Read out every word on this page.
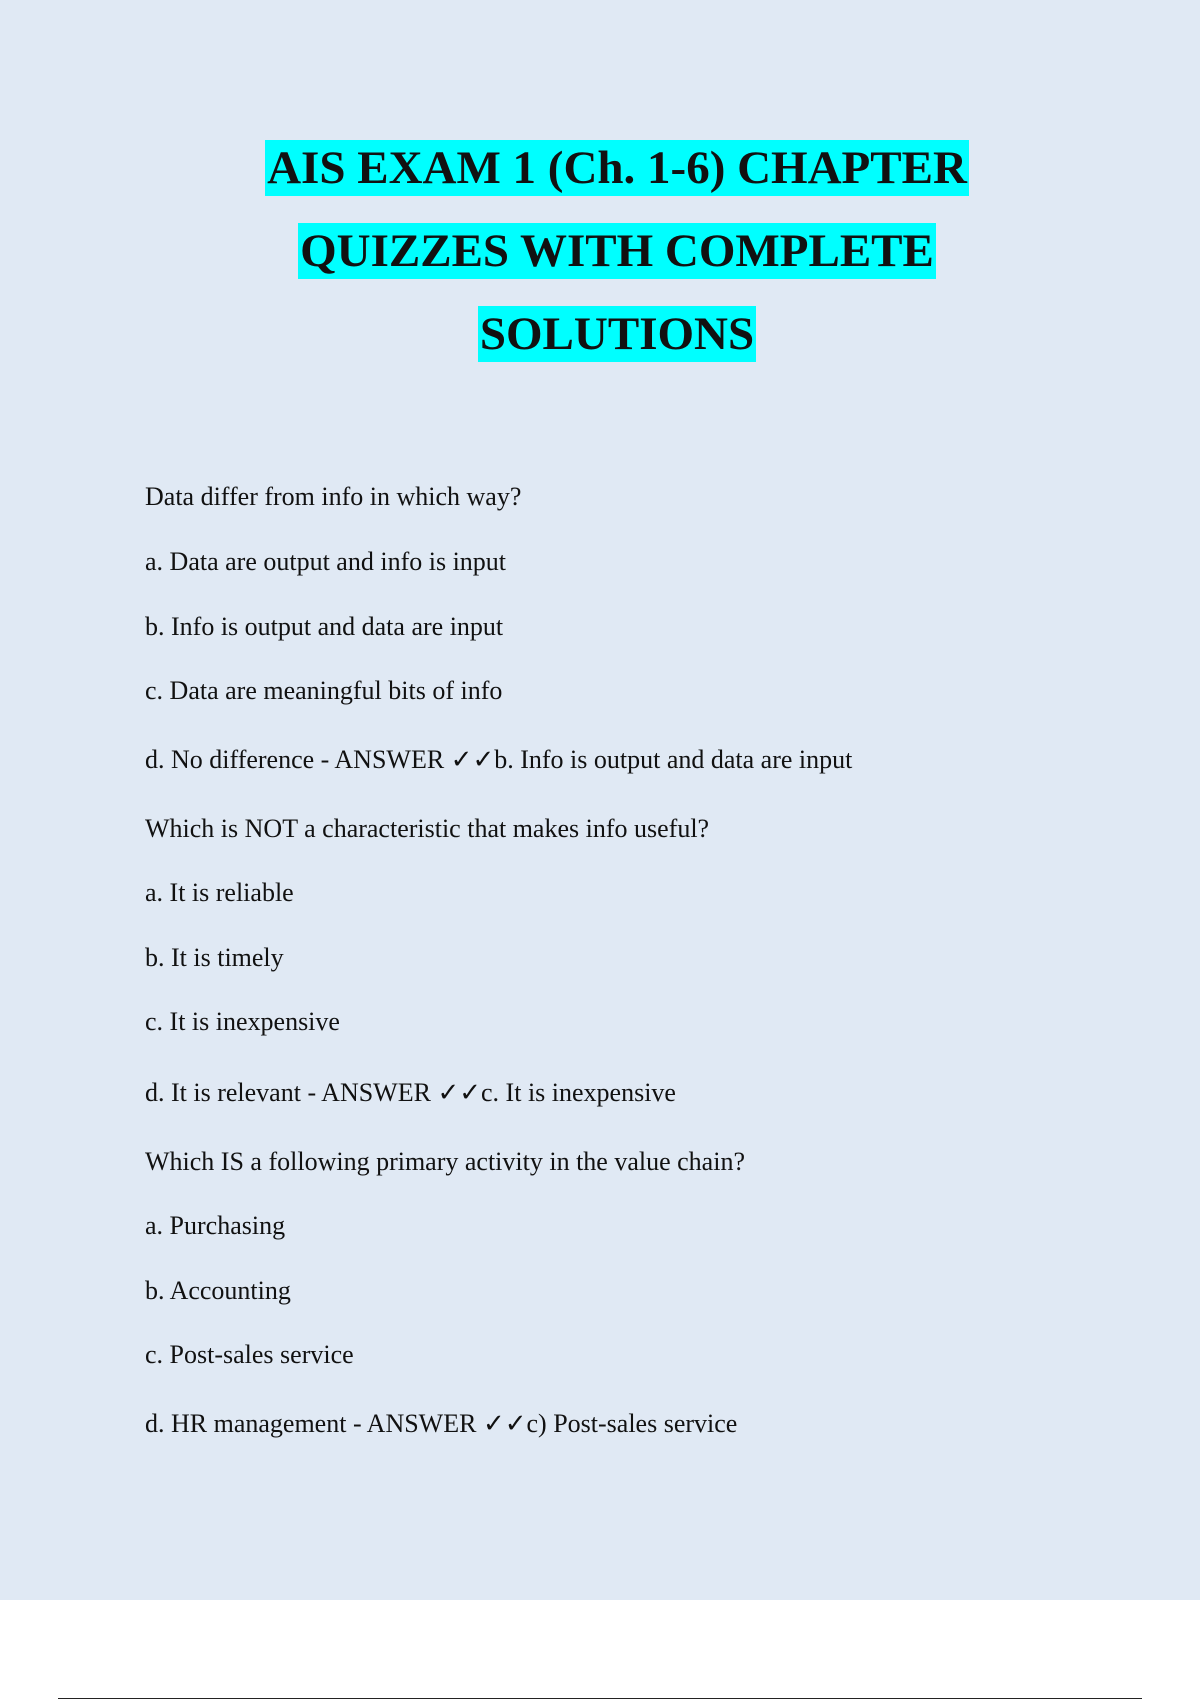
AIS EXAM 1 (Ch. 1-6) CHAPTER
QUIZZES WITH COMPLETE
SOLUTIONS
Data differ from info in which way?
a. Data are output and info is input
b. Info is output and data are input
c. Data are meaningful bits of info
d. No difference - ANSWER ✓✓b. Info is output and data are input
Which is NOT a characteristic that makes info useful?
a. It is reliable
b. It is timely
c. It is inexpensive
d. It is relevant - ANSWER ✓✓c. It is inexpensive
Which IS a following primary activity in the value chain?
a. Purchasing
b. Accounting
c. Post-sales service
d. HR management - ANSWER ✓✓c) Post-sales service
